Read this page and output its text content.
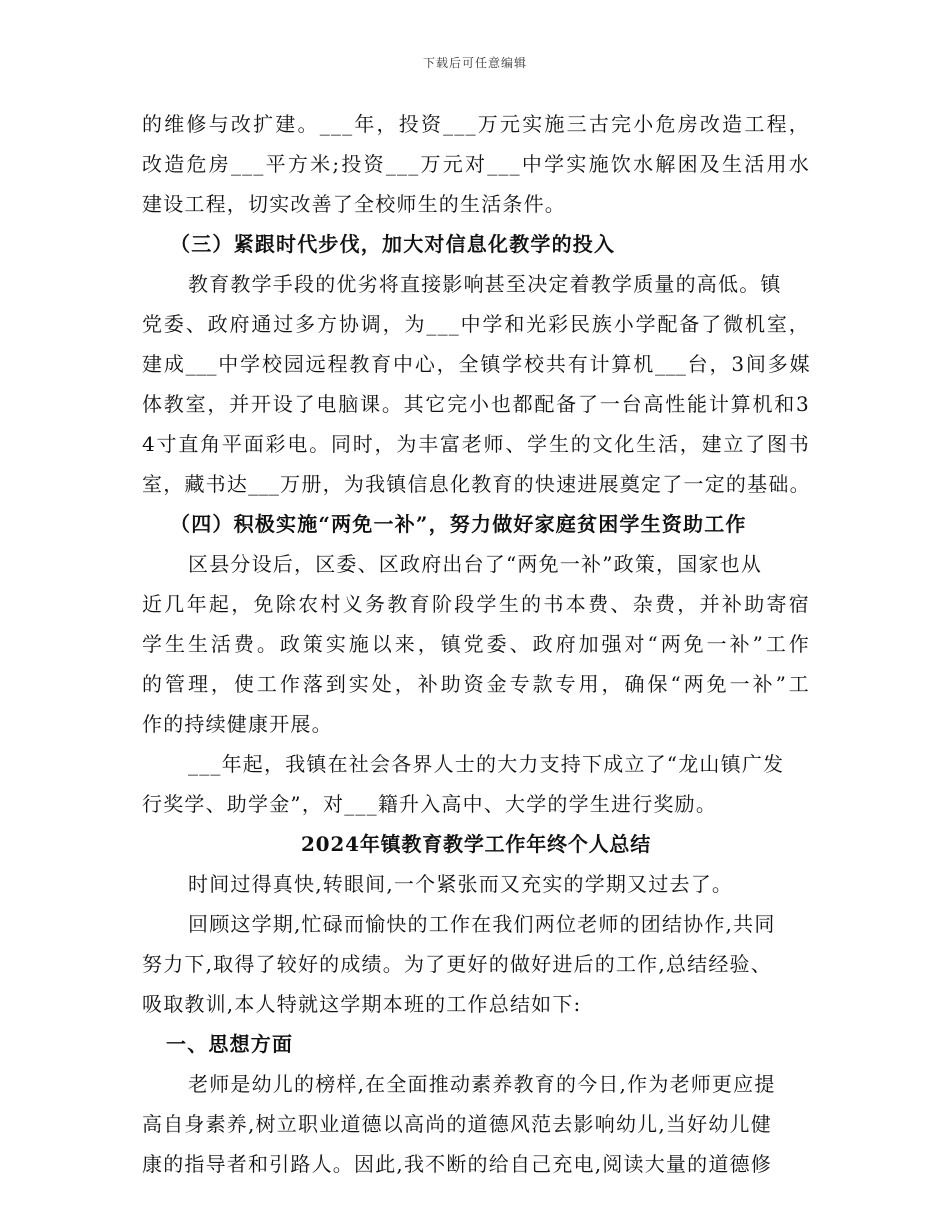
下载后可任意编辑
的维修与改扩建。___年，投资___万元实施三古完小危房改造工程，
改造危房___平方米;投资___万元对___中学实施饮水解困及生活用水
建设工程，切实改善了全校师生的生活条件。
（三）紧跟时代步伐，加大对信息化教学的投入
教育教学手段的优劣将直接影响甚至决定着教学质量的高低。镇
党委、政府通过多方协调，为___中学和光彩民族小学配备了微机室，
建成___中学校园远程教育中心，全镇学校共有计算机___台，3间多媒
体教室，并开设了电脑课。其它完小也都配备了一台高性能计算机和3
4寸直角平面彩电。同时，为丰富老师、学生的文化生活，建立了图书
室，藏书达___万册，为我镇信息化教育的快速进展奠定了一定的基础。
（四）积极实施“两免一补”，努力做好家庭贫困学生资助工作
区县分设后，区委、区政府出台了“两免一补”政策，国家也从
近几年起，免除农村义务教育阶段学生的书本费、杂费，并补助寄宿
学生生活费。政策实施以来，镇党委、政府加强对“两免一补”工作
的管理，使工作落到实处，补助资金专款专用，确保“两免一补”工
作的持续健康开展。
___年起，我镇在社会各界人士的大力支持下成立了“龙山镇广发
行奖学、助学金”，对___籍升入高中、大学的学生进行奖励。
2024年镇教育教学工作年终个人总结
时间过得真快,转眼间,一个紧张而又充实的学期又过去了。
回顾这学期,忙碌而愉快的工作在我们两位老师的团结协作,共同
努力下,取得了较好的成绩。为了更好的做好进后的工作,总结经验、
吸取教训,本人特就这学期本班的工作总结如下:
一、思想方面
老师是幼儿的榜样,在全面推动素养教育的今日,作为老师更应提
高自身素养,树立职业道德以高尚的道德风范去影响幼儿,当好幼儿健
康的指导者和引路人。因此,我不断的给自己充电,阅读大量的道德修
